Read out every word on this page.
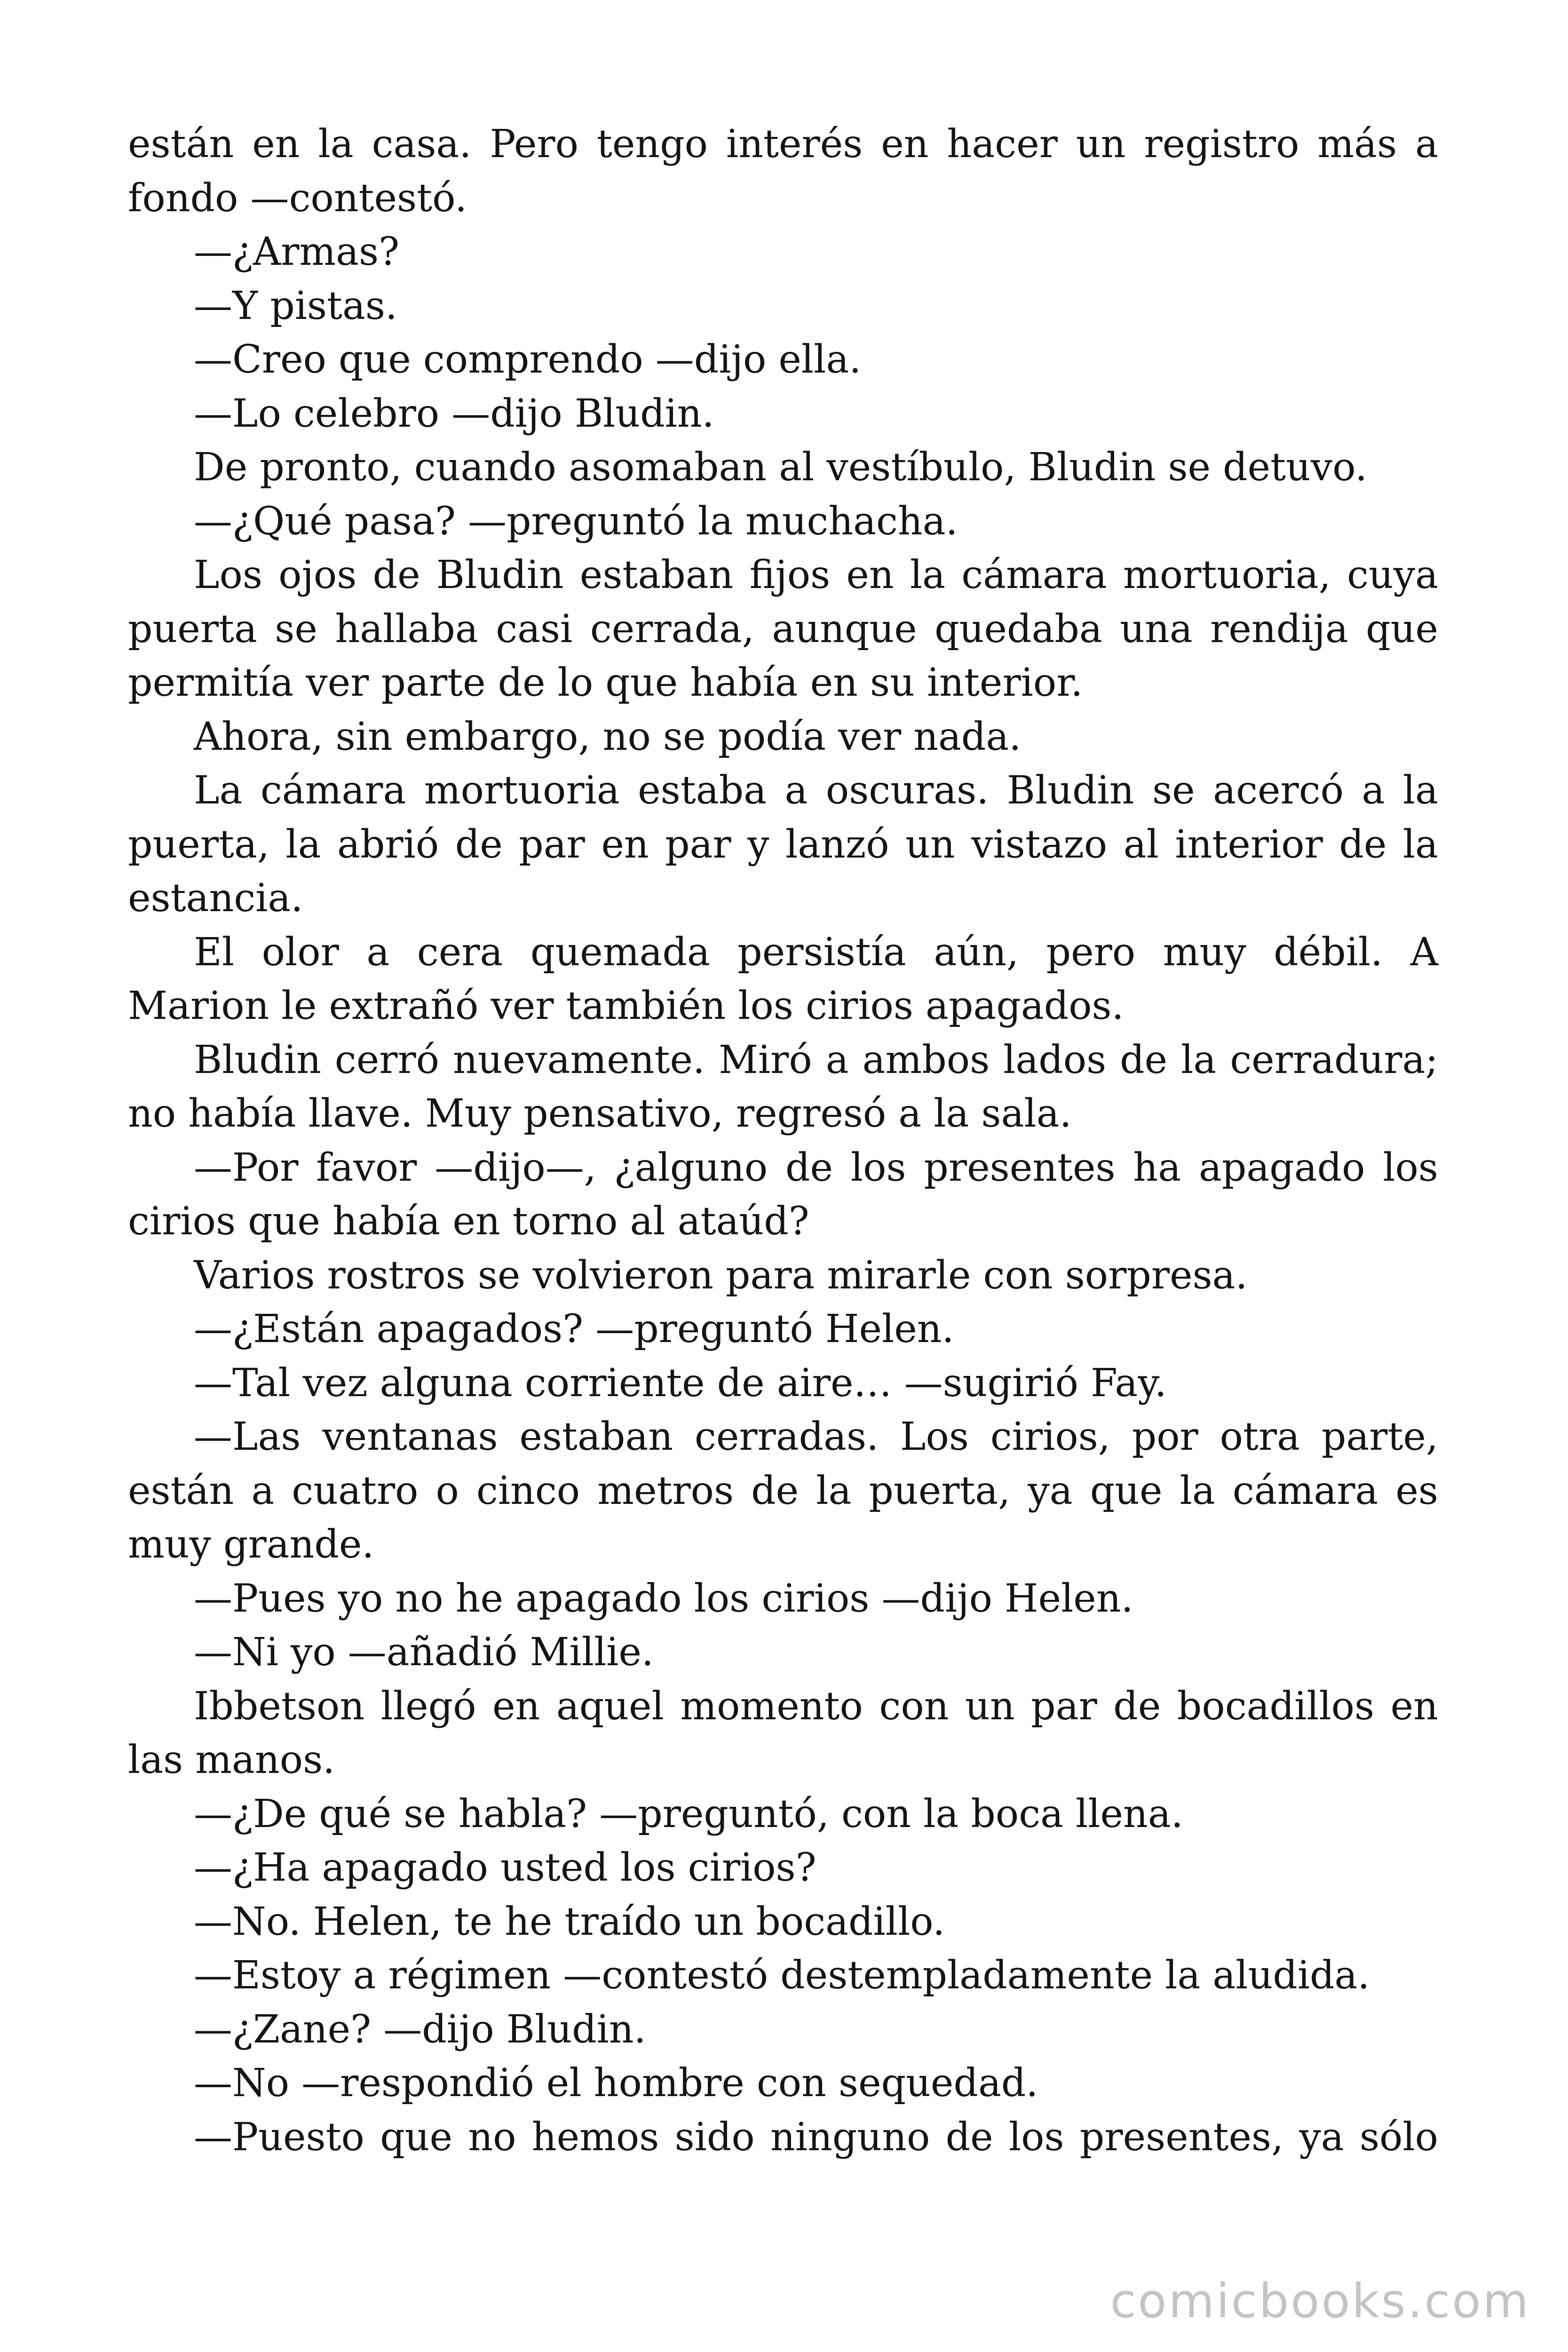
están en la casa. Pero tengo interés en hacer un registro más a fondo —contestó.

—¿Armas?

—Y pistas.

—Creo que comprendo —dijo ella.

—Lo celebro —dijo Bludin.

De pronto, cuando asomaban al vestíbulo, Bludin se detuvo.

—¿Qué pasa? —preguntó la muchacha.

Los ojos de Bludin estaban fijos en la cámara mortuoria, cuya puerta se hallaba casi cerrada, aunque quedaba una rendija que permitía ver parte de lo que había en su interior.

Ahora, sin embargo, no se podía ver nada.

La cámara mortuoria estaba a oscuras. Bludin se acercó a la puerta, la abrió de par en par y lanzó un vistazo al interior de la estancia.

El olor a cera quemada persistía aún, pero muy débil. A Marion le extrañó ver también los cirios apagados.

Bludin cerró nuevamente. Miró a ambos lados de la cerradura; no había llave. Muy pensativo, regresó a la sala.

—Por favor —dijo—, ¿alguno de los presentes ha apagado los cirios que había en torno al ataúd?

Varios rostros se volvieron para mirarle con sorpresa.

—¿Están apagados? —preguntó Helen.

—Tal vez alguna corriente de aire… —sugirió Fay.

—Las ventanas estaban cerradas. Los cirios, por otra parte, están a cuatro o cinco metros de la puerta, ya que la cámara es muy grande.

—Pues yo no he apagado los cirios —dijo Helen.

—Ni yo —añadió Millie.

Ibbetson llegó en aquel momento con un par de bocadillos en las manos.

—¿De qué se habla? —preguntó, con la boca llena.

—¿Ha apagado usted los cirios?

—No. Helen, te he traído un bocadillo.

—Estoy a régimen —contestó destempladamente la aludida.

—¿Zane? —dijo Bludin.

—No —respondió el hombre con sequedad.

—Puesto que no hemos sido ninguno de los presentes, ya sólo

comicbooks.com
